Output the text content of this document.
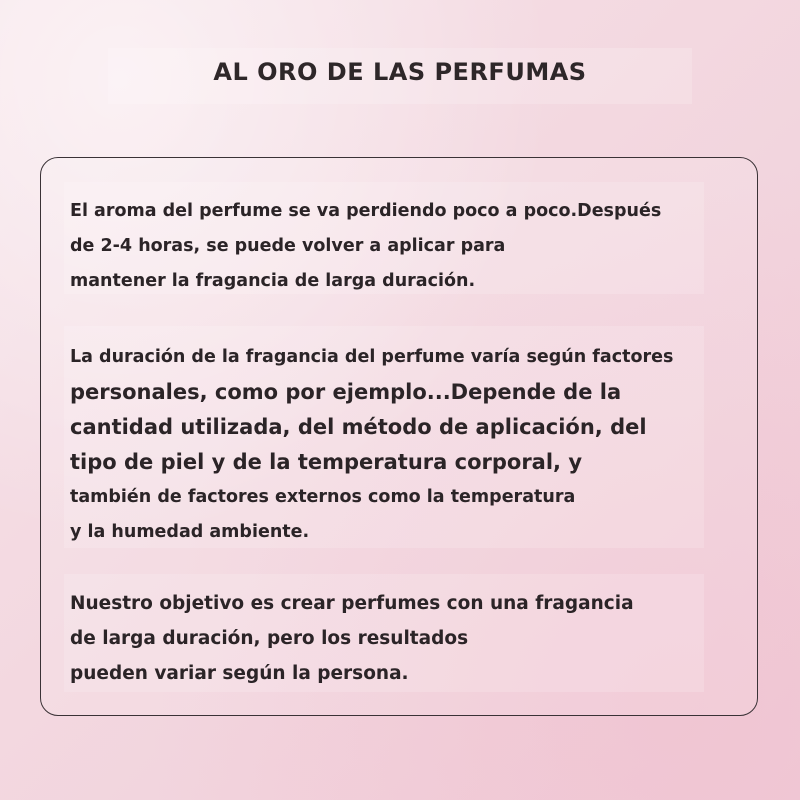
AL ORO DE LAS PERFUMAS
El aroma del perfume se va perdiendo poco a poco.Después
de 2-4 horas, se puede volver a aplicar para
mantener la fragancia de larga duración.
La duración de la fragancia del perfume varía según factores
personales, como por ejemplo...Depende de la
cantidad utilizada, del método de aplicación, del
tipo de piel y de la temperatura corporal, y
también de factores externos como la temperatura
y la humedad ambiente.
Nuestro objetivo es crear perfumes con una fragancia
de larga duración, pero los resultados
pueden variar según la persona.
